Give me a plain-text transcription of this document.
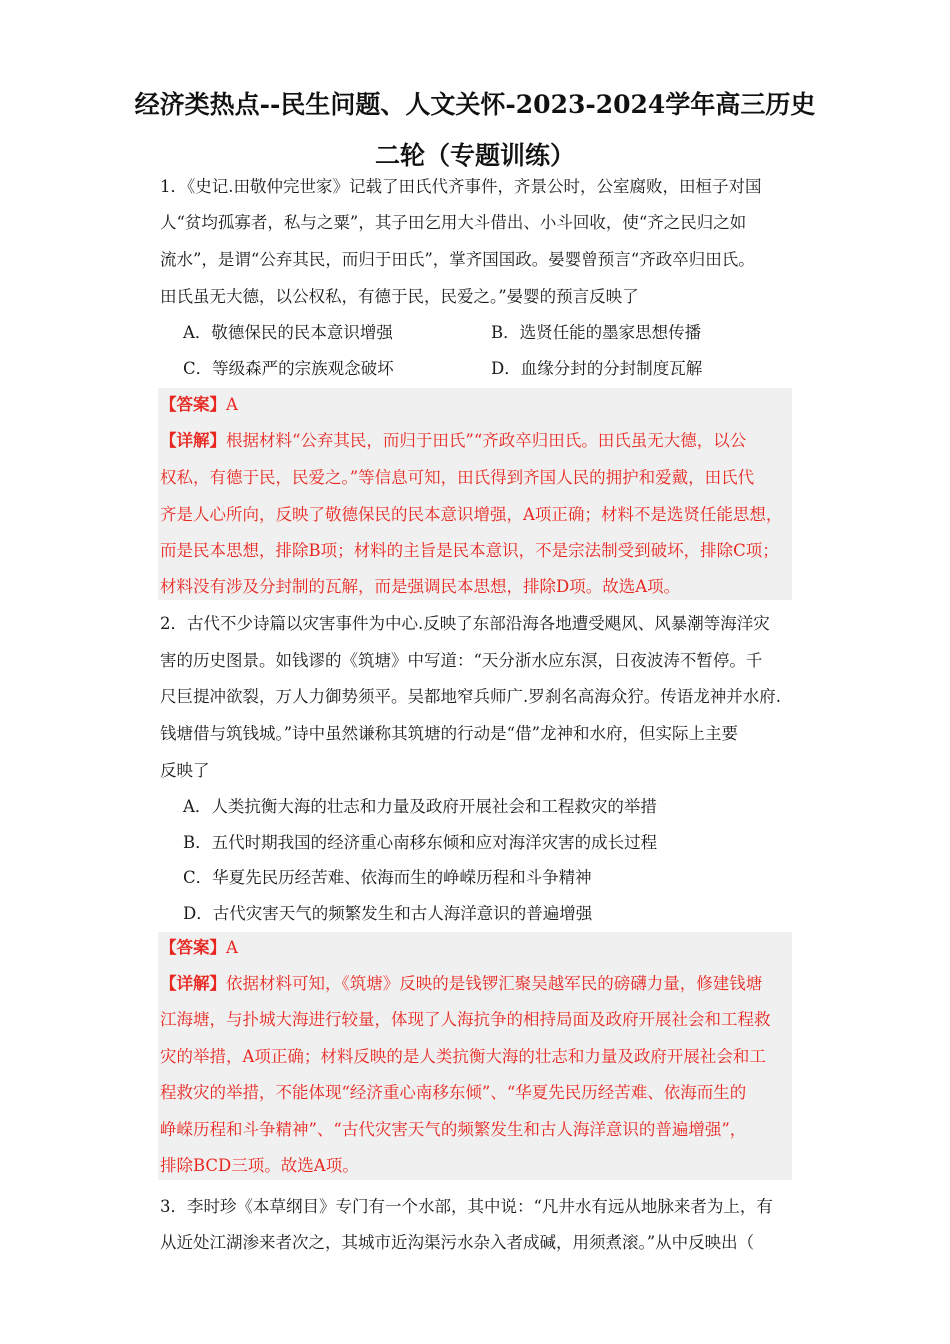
经济类热点--民生问题、人文关怀-2023-2024学年高三历史
二轮（专题训练）
1．《史记.田敬仲完世家》记载了田氏代齐事件，齐景公时，公室腐败，田桓子对国
人“贫均孤寡者，私与之粟”，其子田乞用大斗借出、小斗回收，使“齐之民归之如
流水”，是谓“公弃其民，而归于田氏”，掌齐国国政。晏婴曾预言“齐政卒归田氏。
田氏虽无大德，以公权私，有德于民，民爱之。”晏婴的预言反映了
A．敬德保民的民本意识增强	B．选贤任能的墨家思想传播
C．等级森严的宗族观念破坏	D．血缘分封的分封制度瓦解
【答案】A
【详解】根据材料“公弃其民，而归于田氏”“齐政卒归田氏。田氏虽无大德，以公
权私，有德于民，民爱之。”等信息可知，田氏得到齐国人民的拥护和爱戴，田氏代
齐是人心所向，反映了敬德保民的民本意识增强，A项正确；材料不是选贤任能思想，
而是民本思想，排除B项；材料的主旨是民本意识，不是宗法制受到破坏，排除C项；
材料没有涉及分封制的瓦解，而是强调民本思想，排除D项。故选A项。
2．古代不少诗篇以灾害事件为中心.反映了东部沿海各地遭受飓风、风暴潮等海洋灾
害的历史图景。如钱谬的《筑塘》中写道：“天分浙水应东溟，日夜波涛不暂停。千
尺巨提冲欲裂，万人力御势须平。吴都地窄兵师广.罗刹名高海众狞。传语龙神并水府.
钱塘借与筑钱城。”诗中虽然谦称其筑塘的行动是“借”龙神和水府，但实际上主要
反映了
A．人类抗衡大海的壮志和力量及政府开展社会和工程救灾的举措
B．五代时期我国的经济重心南移东倾和应对海洋灾害的成长过程
C．华夏先民历经苦难、依海而生的峥嵘历程和斗争精神
D．古代灾害天气的频繁发生和古人海洋意识的普遍增强
【答案】A
【详解】依据材料可知，《筑塘》反映的是钱锣汇聚吴越军民的磅礴力量，修建钱塘
江海塘，与扑城大海进行较量，体现了人海抗争的相持局面及政府开展社会和工程救
灾的举措，A项正确；材料反映的是人类抗衡大海的壮志和力量及政府开展社会和工
程救灾的举措，不能体现“经济重心南移东倾”、“华夏先民历经苦难、依海而生的
峥嵘历程和斗争精神”、“古代灾害天气的频繁发生和古人海洋意识的普遍增强”，
排除BCD三项。故选A项。
3．李时珍《本草纲目》专门有一个水部，其中说：“凡井水有远从地脉来者为上，有
从近处江湖渗来者次之，其城市近沟渠污水杂入者成碱，用须煮滚。”从中反映出（
